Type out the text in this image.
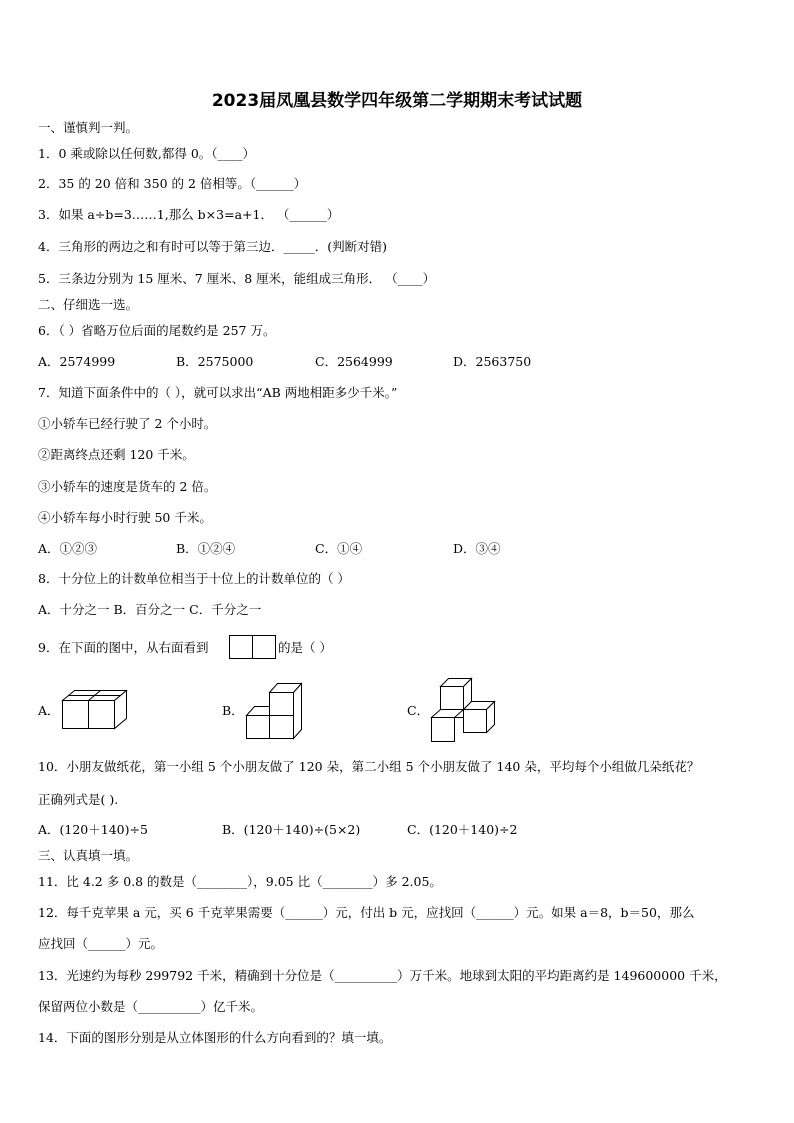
2023届凤凰县数学四年级第二学期期末考试试题
一、谨慎判一判。
1．0 乘或除以任何数,都得 0。（____）
2．35 的 20 倍和 350 的 2 倍相等。（______）
3．如果 a÷b=3……1,那么 b×3=a+1． （______）
4．三角形的两边之和有时可以等于第三边．_____．(判断对错)
5．三条边分别为 15 厘米、7 厘米、8 厘米，能组成三角形． （____）
二、仔细选一选。
6．（ ）省略万位后面的尾数约是 257 万。
A．2574999	B．2575000	C．2564999	D．2563750
7．知道下面条件中的（ ），就可以求出“AB 两地相距多少千米。”
①小轿车已经行驶了 2 个小时。
②距离终点还剩 120 千米。
③小轿车的速度是货车的 2 倍。
④小轿车每小时行驶 50 千米。
A．①②③	B．①②④	C．①④	D．③④
8．十分位上的计数单位相当于十位上的计数单位的（ ）
A．十分之一 B．百分之一 C．千分之一
9．在下面的图中，从右面看到	的是（ ）
A．	B．	C．
10．小朋友做纸花，第一小组 5 个小朋友做了 120 朵，第二小组 5 个小朋友做了 140 朵，平均每个小组做几朵纸花？
正确列式是( ).
A．(120＋140)÷5	B．(120＋140)÷(5×2)	C．(120＋140)÷2
三、认真填一填。
11．比 4.2 多 0.8 的数是（________），9.05 比（________）多 2.05。
12．每千克苹果 a 元，买 6 千克苹果需要（______）元，付出 b 元，应找回（______）元。如果 a＝8，b＝50，那么
应找回（______）元。
13．光速约为每秒 299792 千米，精确到十分位是（__________）万千米。地球到太阳的平均距离约是 149600000 千米，
保留两位小数是（__________）亿千米。
14．下面的图形分别是从立体图形的什么方向看到的？填一填。
